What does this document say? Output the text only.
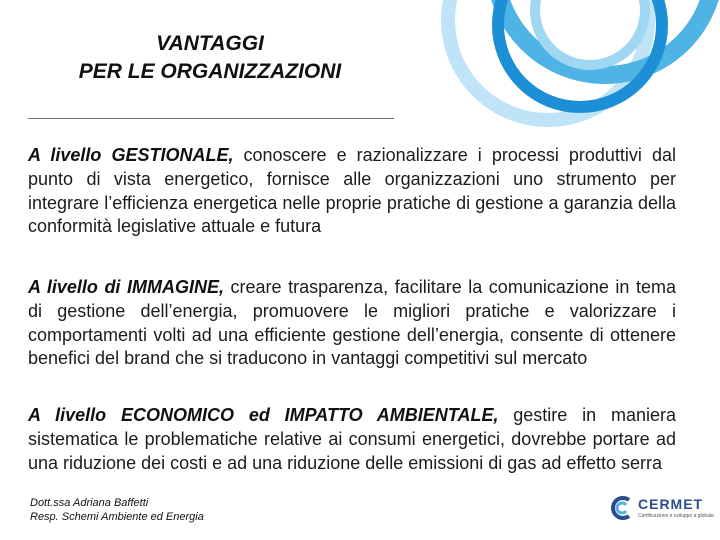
VANTAGGI
PER LE ORGANIZZAZIONI

A livello GESTIONALE, conoscere e razionalizzare i processi produttivi dal punto di vista energetico, fornisce alle organizzazioni uno strumento per integrare l’efficienza energetica nelle proprie pratiche di gestione a garanzia della conformità legislative attuale e futura

A livello di IMMAGINE, creare trasparenza, facilitare la comunicazione in tema di gestione dell’energia, promuovere le migliori pratiche e valorizzare i comportamenti volti ad una efficiente gestione dell’energia, consente di ottenere benefici del brand che si traducono in vantaggi competitivi sul mercato

A livello ECONOMICO ed IMPATTO AMBIENTALE, gestire in maniera sistematica le problematiche relative ai consumi energetici, dovrebbe portare ad una riduzione dei costi e ad una riduzione delle emissioni di gas ad effetto serra

Dott.ssa Adriana Baffetti
Resp. Schemi Ambiente ed Energia
CERMET
Certificazione e sviluppo a globale
